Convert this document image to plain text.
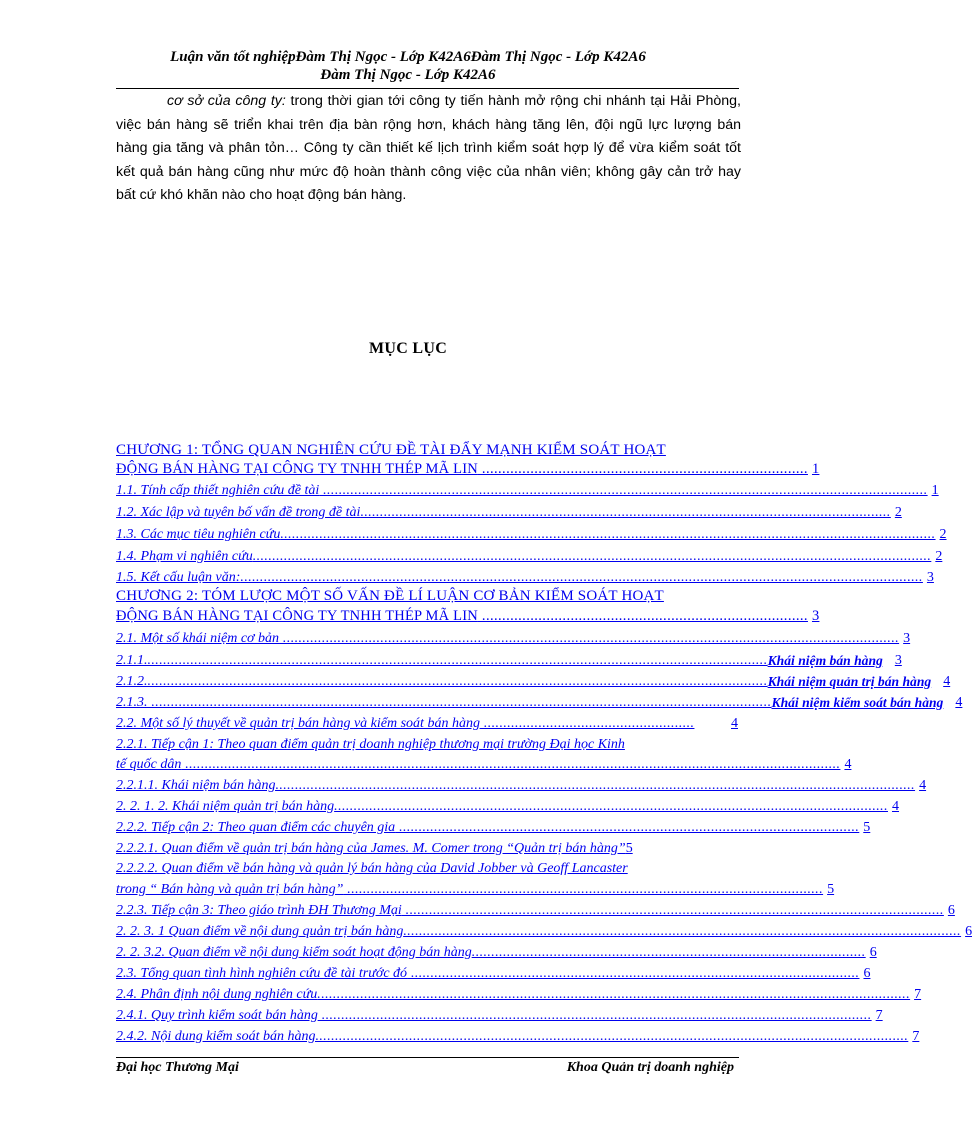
Luận văn tốt nghiệpĐàm Thị Ngọc - Lớp K42A6Đàm Thị Ngọc - Lớp K42A6
Đàm Thị Ngọc - Lớp K42A6

cơ sở của công ty: trong thời gian tới công ty tiến hành mở rộng chi nhánh tại Hải Phòng, việc bán hàng sẽ triển khai trên địa bàn rộng hơn, khách hàng tăng lên, đội ngũ lực lượng bán hàng gia tăng và phân tỏn… Công ty cần thiết kế lịch trình kiểm soát hợp lý để vừa kiểm soát tốt kết quả bán hàng cũng như mức độ hoàn thành công việc của nhân viên; không gây cản trở hay bất cứ khó khăn nào cho hoạt động bán hàng.

MỤC LỤC
CHƯƠNG 1: TỔNG QUAN NGHIÊN CỨU ĐỀ TÀI ĐẨY MẠNH KIỂM SOÁT HOẠT
ĐỘNG BÁN HÀNG TẠI CÔNG TY TNHH THÉP MÃ LIN ................................................................................. 1
1.1. Tính cấp thiết nghiên cứu đề tài ........................................................................................................................................................... 1
1.2. Xác lập và tuyên bố vấn đề trong đề tài ........................................................................................................................................ 2
1.3. Các mục tiêu nghiên cứu ........................................................................................................................................................................ 2
1.4. Phạm vi nghiên cứu .............................................................................................................................................................................. 2
1.5. Kết cấu luận văn: ............................................................................................................................................................................... 3
CHƯƠNG 2: TÓM LƯỢC MỘT SỐ VẤN ĐỀ LÍ LUẬN CƠ BẢN KIỂM SOÁT HOẠT
ĐỘNG BÁN HÀNG TẠI CÔNG TY TNHH THÉP MÃ LIN ................................................................................. 3
2.1. Một số khái niệm cơ bản .............................................................................................................................................................. 3
2.1.1. ............................................................................................................................................................... Khái niệm bán hàng 3
2.1.2. ............................................................................................................................................................... Khái niệm quản trị bán hàng 4
2.1.3. ............................................................................................................................................................... Khái niệm kiểm soát bán hàng 4
2.2. Một số lý thuyết về quản trị bán hàng và kiểm soát bán hàng ......................................................	4
2.2.1. Tiếp cận 1: Theo quan điểm quản trị doanh nghiệp thương mại trường Đại học Kinh
tế quốc dân ........................................................................................................................................................................ 4
2.2.1.1. Khái niệm bán hàng .................................................................................................................................................................... 4
2. 2. 1. 2. Khái niệm quản trị bán hàng .............................................................................................................................................. 4
2.2.2. Tiếp cận 2: Theo quan điểm các chuyên gia ...................................................................................................................... 5
2.2.2.1. Quan điểm về quản trị bán hàng của James. M. Comer trong “Quản trị bán hàng” 5
2.2.2.2. Quan điểm về bán hàng và quản lý bán hàng của David Jobber và Geoff Lancaster
trong “ Bán hàng và quản trị bán hàng” .......................................................................................................................... 5
2.2.3. Tiếp cận 3: Theo giáo trình ĐH Thương Mại .......................................................................................................................................... 6
2. 2. 3. 1 Quan điểm về nội dung quản trị bán hàng ............................................................................................................................................... 6
2. 2. 3.2. Quan điểm về nội dung kiểm soát hoạt động bán hàng ..................................................................................................... 6
2.3. Tổng quan tình hình nghiên cứu đề tài trước đó ................................................................................................................... 6
2.4. Phân định nội dung nghiên cứu ........................................................................................................................................................ 7
2.4.1. Quy trình kiểm soát bán hàng ............................................................................................................................................. 7
2.4.2. Nội dung kiểm soát bán hàng ........................................................................................................................................................ 7
Đại học Thương Mại	Khoa Quản trị doanh nghiệp
